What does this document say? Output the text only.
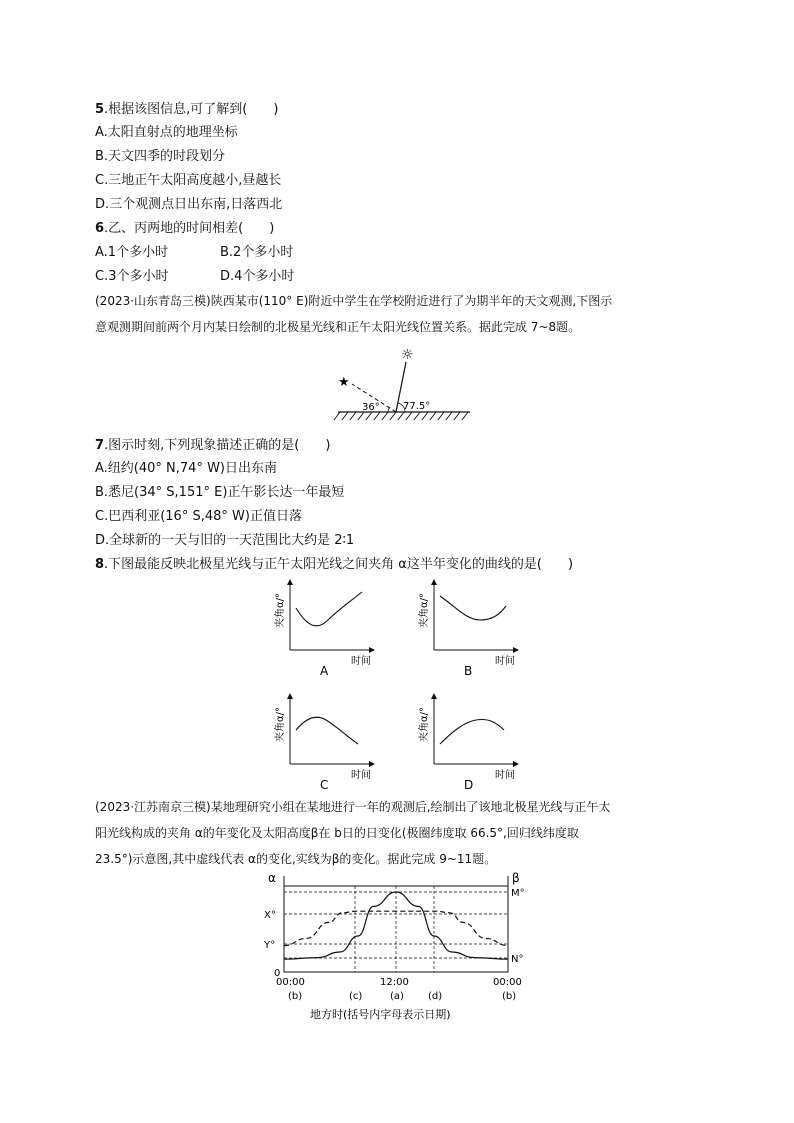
5.根据该图信息,可了解到(　　)
A.太阳直射点的地理坐标
B.天文四季的时段划分
C.三地正午太阳高度越小,昼越长
D.三个观测点日出东南,日落西北
6.乙、丙两地的时间相差(　　)
A.1个多小时	B.2个多小时
C.3个多小时	D.4个多小时
(2023·山东青岛三模)陕西某市(110° E)附近中学生在学校附近进行了为期半年的天文观测,下图示
意观测期间前两个月内某日绘制的北极星光线和正午太阳光线位置关系。据此完成 7~8题。
★
☼
36° 77.5°
7.图示时刻,下列现象描述正确的是(　　)
A.纽约(40° N,74° W)日出东南
B.悉尼(34° S,151° E)正午影长达一年最短
C.巴西利亚(16° S,48° W)正值日落
D.全球新的一天与旧的一天范围比大约是 2∶1
8.下图最能反映北极星光线与正午太阳光线之间夹角 α这半年变化的曲线的是(　　)
夹角α/°
时间
A
夹角α/°
时间
B
夹角α/°
时间
C
夹角α/°
时间
D
(2023·江苏南京三模)某地理研究小组在某地进行一年的观测后,绘制出了该地北极星光线与正午太
阳光线构成的夹角 α的年变化及太阳高度β在 b日的日变化(极圈纬度取 66.5°,回归线纬度取
23.5°)示意图,其中虚线代表 α的变化,实线为β的变化。据此完成 9~11题。
α	β
X°
Y°
0
M°
N°
00:00	12:00	00:00
(b)	(c)	(a) (d)	(b)
地方时(括号内字母表示日期)
